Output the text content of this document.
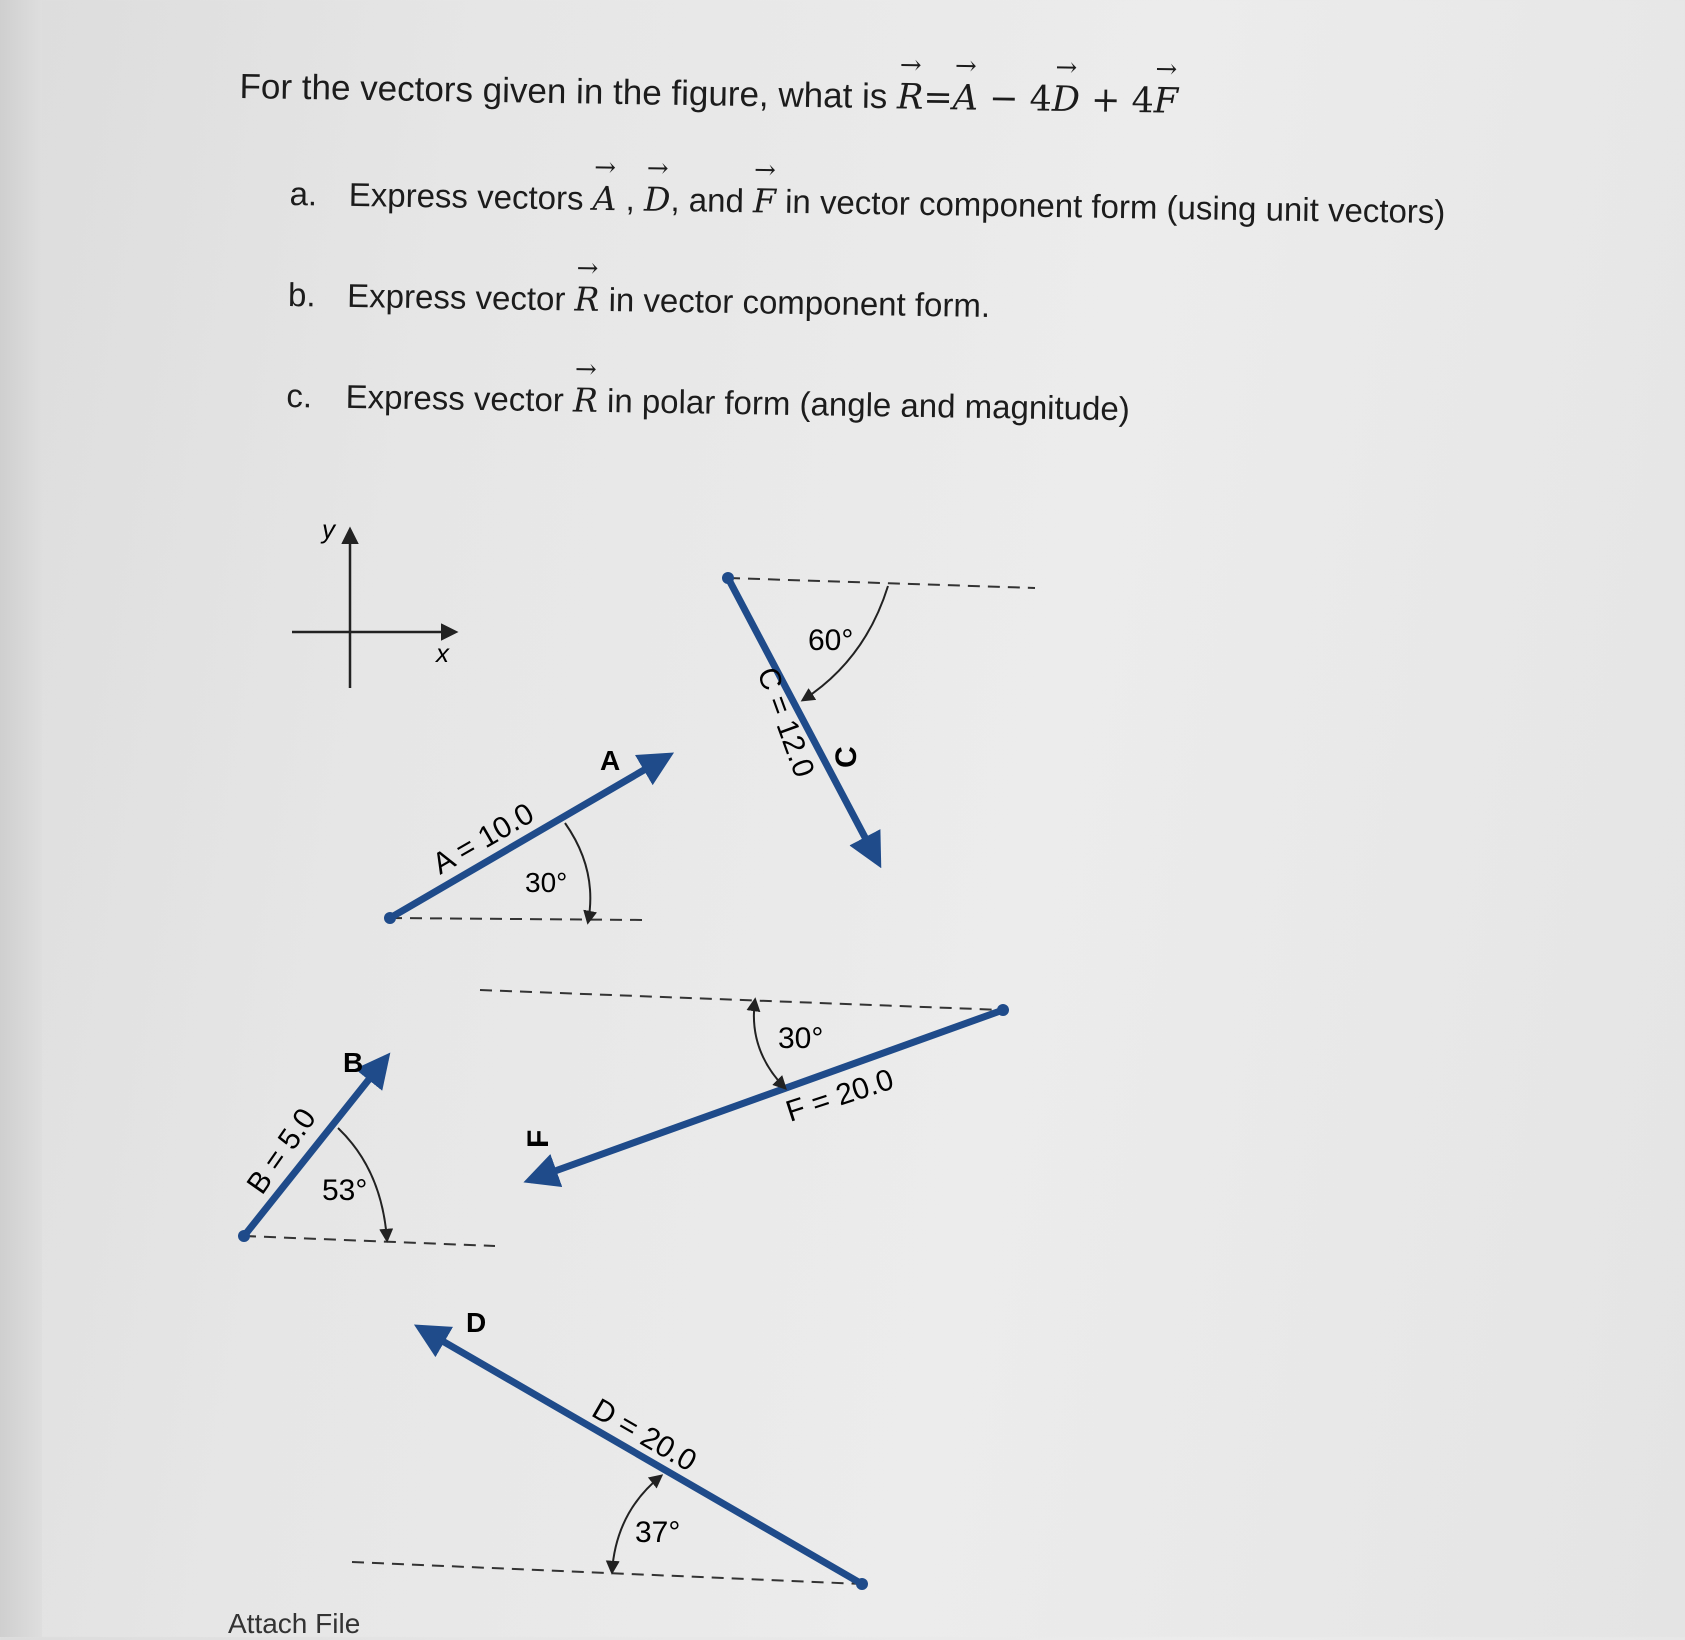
For the vectors given in the figure, what is → R=→ A − 4→ D + 4→ F
a. Express vectors → A , → D, and → F in vector component form (using unit vectors)
b. Express vector → R in vector component form.
c. Express vector → R in polar form (angle and magnitude)
y
x
A
A = 10.0
30°
60°
C = 12.0 C
30°
F = 20.0
F
53°
B = 5.0
B
37°
D = 20.0
D
Attach File
